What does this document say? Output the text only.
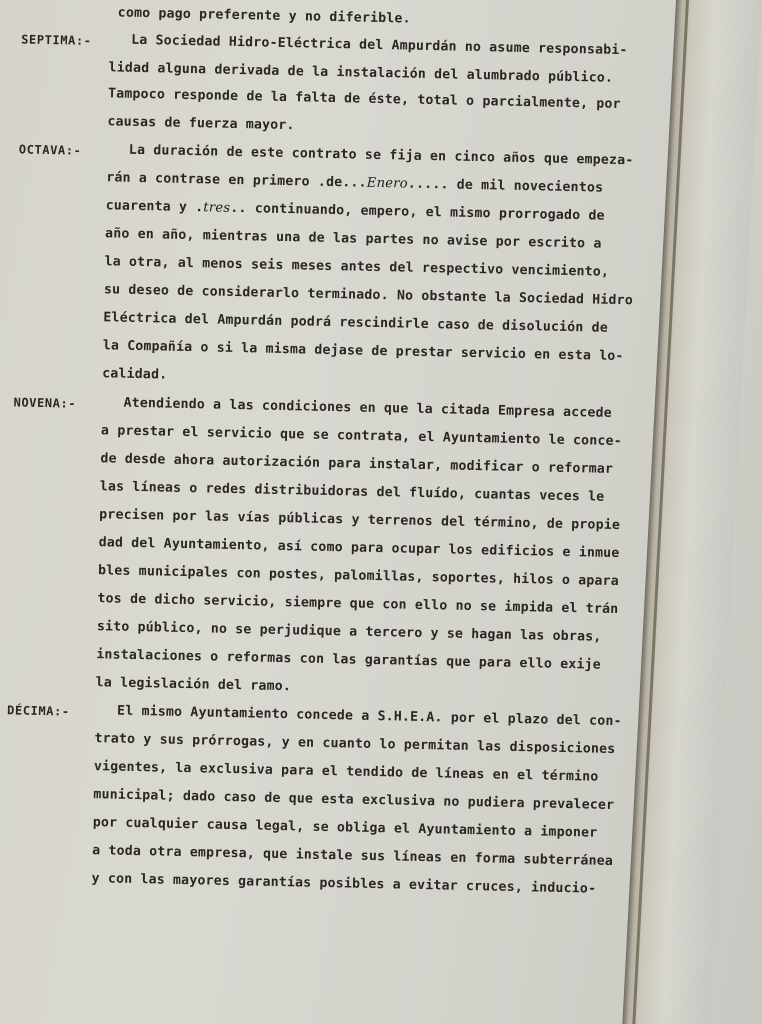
como pago preferente y no diferible.
SEPTIMA:-	La Sociedad Hidro-Eléctrica del Ampurdán no asume responsabi-
lidad alguna derivada de la instalación del alumbrado público.
Tampoco responde de la falta de éste, total o parcialmente, por
causas de fuerza mayor.
OCTAVA:-	La duración de este contrato se fija en cinco años que empeza-
rán a contrase en primero .de...Enero..... de mil novecientos
cuarenta y .tres.. continuando, empero, el mismo prorrogado de
año en año, mientras una de las partes no avise por escrito a
la otra, al menos seis meses antes del respectivo vencimiento,
su deseo de considerarlo terminado. No obstante la Sociedad Hidro
Eléctrica del Ampurdán podrá rescindirle caso de disolución de
la Compañía o si la misma dejase de prestar servicio en esta lo-
calidad.
NOVENA:-	Atendiendo a las condiciones en que la citada Empresa accede
a prestar el servicio que se contrata, el Ayuntamiento le conce-
de desde ahora autorización para instalar, modificar o reformar
las líneas o redes distribuidoras del fluído, cuantas veces le
precisen por las vías públicas y terrenos del término, de propie
dad del Ayuntamiento, así como para ocupar los edificios e inmue
bles municipales con postes, palomillas, soportes, hilos o apara
tos de dicho servicio, siempre que con ello no se impida el trán
sito público, no se perjudique a tercero y se hagan las obras,
instalaciones o reformas con las garantías que para ello exije
la legislación del ramo.
DÉCIMA:-	El mismo Ayuntamiento concede a S.H.E.A. por el plazo del con-
trato y sus prórrogas, y en cuanto lo permitan las disposiciones
vigentes, la exclusiva para el tendido de líneas en el término
municipal; dado caso de que esta exclusiva no pudiera prevalecer
por cualquier causa legal, se obliga el Ayuntamiento a imponer
a toda otra empresa, que instale sus líneas en forma subterránea
y con las mayores garantías posibles a evitar cruces, inducio-
